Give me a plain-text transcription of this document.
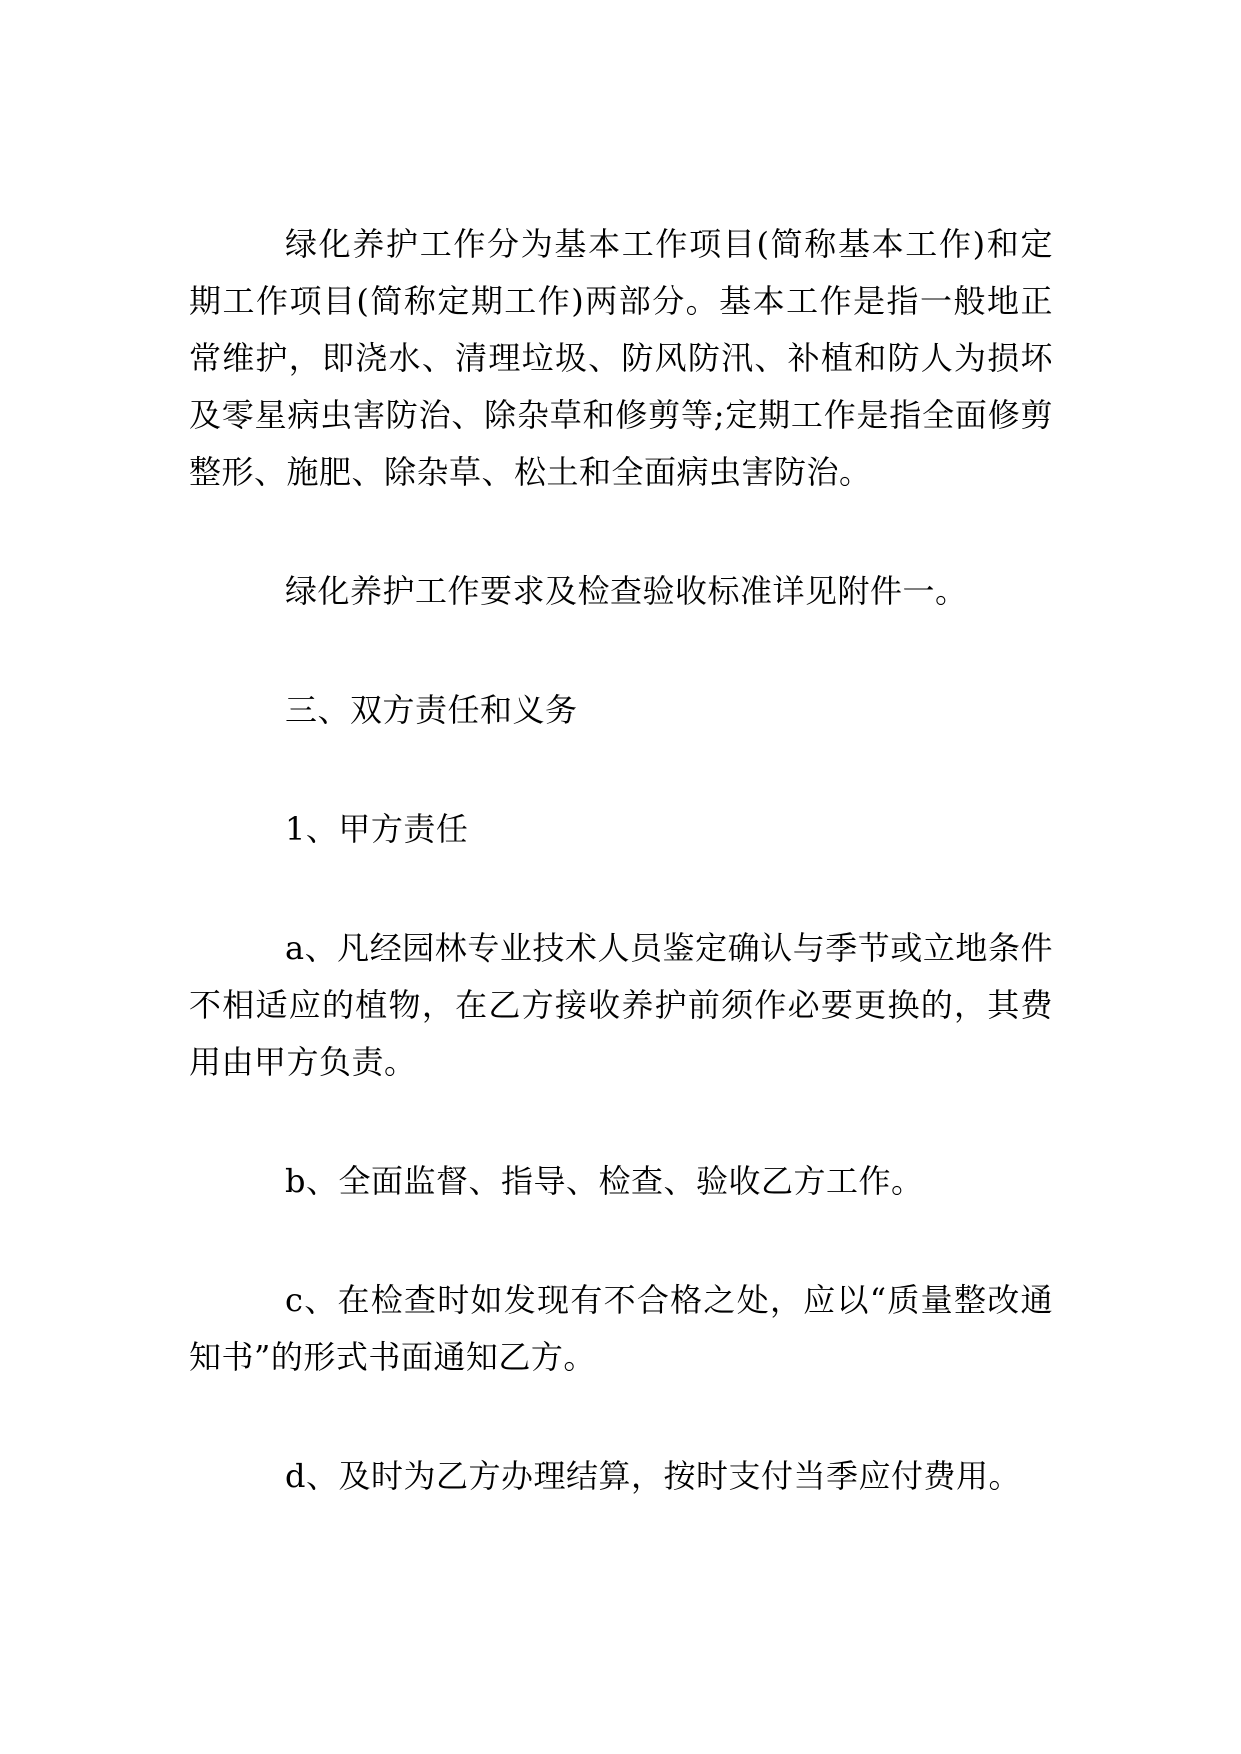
绿化养护工作分为基本工作项目(简称基本工作)和定期工作项目(简称定期工作)两部分。基本工作是指一般地正常维护，即浇水、清理垃圾、防风防汛、补植和防人为损坏及零星病虫害防治、除杂草和修剪等;定期工作是指全面修剪整形、施肥、除杂草、松土和全面病虫害防治。

绿化养护工作要求及检查验收标准详见附件一。

三、双方责任和义务

1、甲方责任

a、凡经园林专业技术人员鉴定确认与季节或立地条件不相适应的植物，在乙方接收养护前须作必要更换的，其费用由甲方负责。

b、全面监督、指导、检查、验收乙方工作。

c、在检查时如发现有不合格之处，应以“质量整改通知书”的形式书面通知乙方。

d、及时为乙方办理结算，按时支付当季应付费用。
